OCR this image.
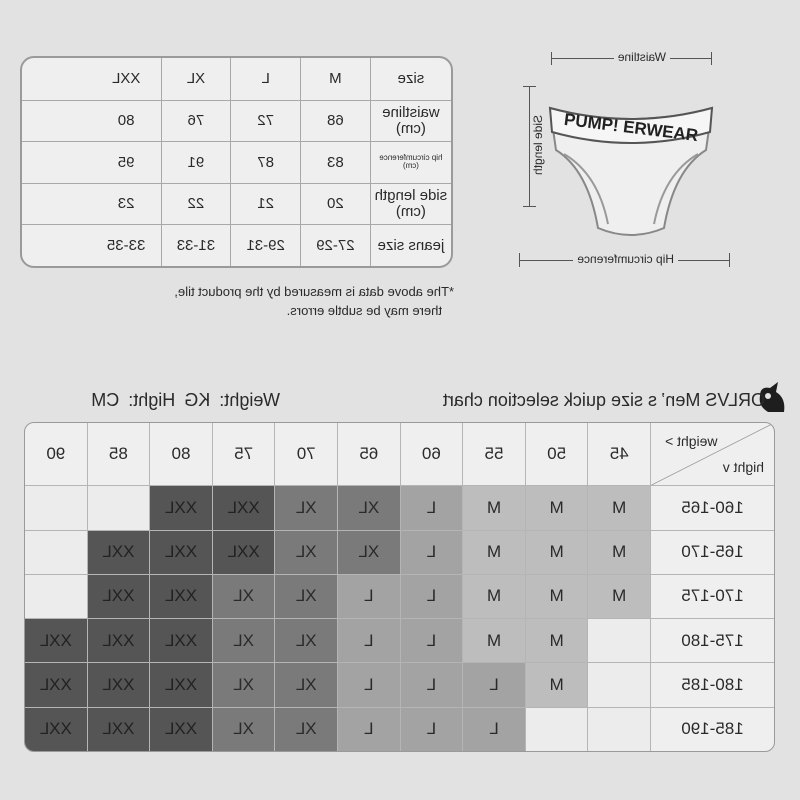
size
M
L
XL
XXL
waistline (cm)
68
72
76
80
hip circumference (cm)
83
87
91
95
side length (cm)
20
21
22
23
jeans size
27-29
29-31
31-33
33-35
*The above data is measured by the product tile,
there may be subtle errors.
Waistline
Side length
Hip circumference
PUMP! ERWEAR
ORLVS Men’ s size quick selection chart
Weight: KG Hight: CM
weight >
hight v
45
50
55
60
65
70
75
80
85
90
160-165
M
M
M
L
XL
XL
XXL
XXL
165-170
M
M
M
L
XL
XL
XXL
XXL
XXL
170-175
M
M
M
L
L
XL
XL
XXL
XXL
175-180
M
M
L
L
XL
XL
XXL
XXL
XXL
180-185
M
L
L
L
XL
XL
XXL
XXL
XXL
185-190
L
L
L
XL
XL
XXL
XXL
XXL
